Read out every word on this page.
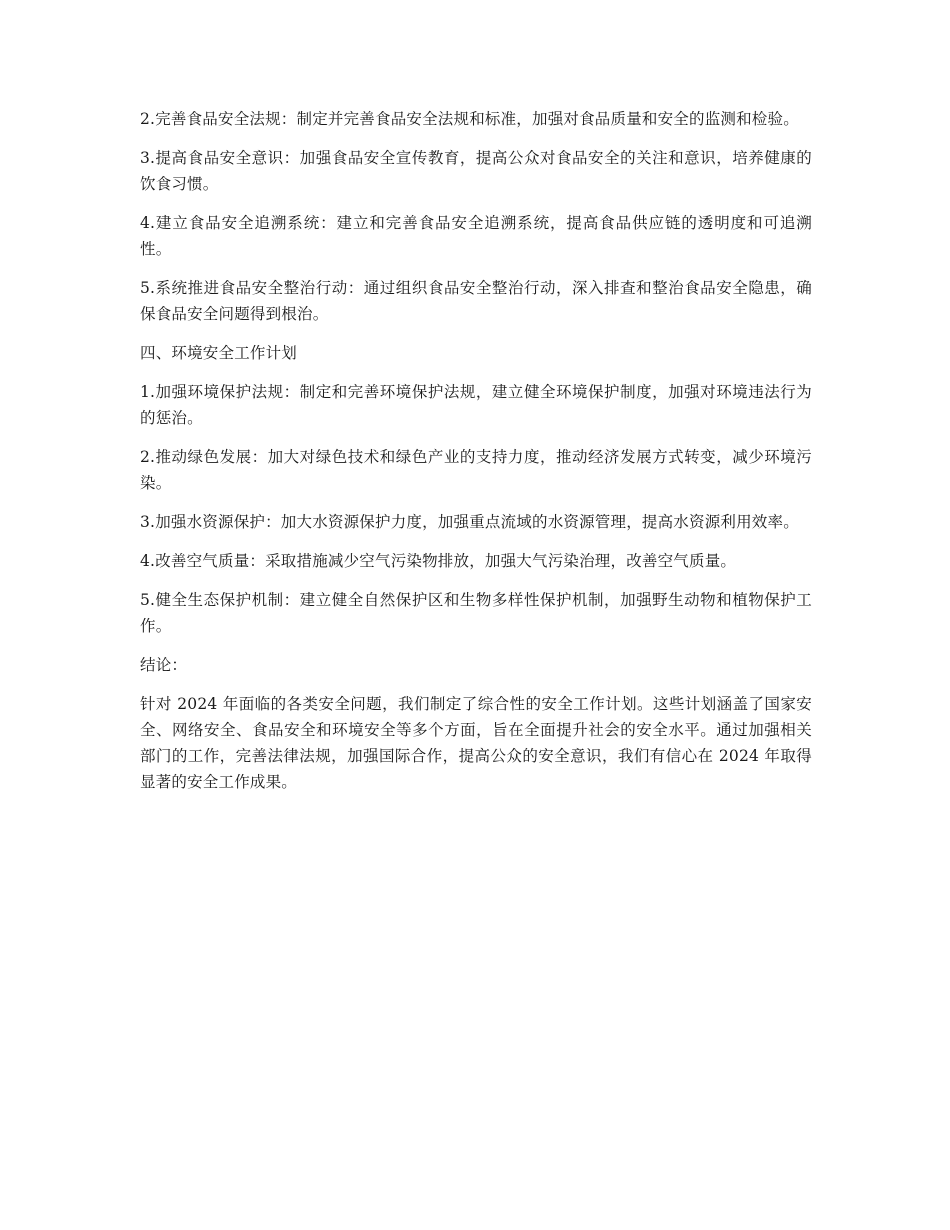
2.完善食品安全法规：制定并完善食品安全法规和标准，加强对食品质量和安全的监测和检验。

3.提高食品安全意识：加强食品安全宣传教育，提高公众对食品安全的关注和意识，培养健康的饮食习惯。

4.建立食品安全追溯系统：建立和完善食品安全追溯系统，提高食品供应链的透明度和可追溯性。

5.系统推进食品安全整治行动：通过组织食品安全整治行动，深入排查和整治食品安全隐患，确保食品安全问题得到根治。

四、环境安全工作计划

1.加强环境保护法规：制定和完善环境保护法规，建立健全环境保护制度，加强对环境违法行为的惩治。

2.推动绿色发展：加大对绿色技术和绿色产业的支持力度，推动经济发展方式转变，减少环境污染。

3.加强水资源保护：加大水资源保护力度，加强重点流域的水资源管理，提高水资源利用效率。

4.改善空气质量：采取措施减少空气污染物排放，加强大气污染治理，改善空气质量。

5.健全生态保护机制：建立健全自然保护区和生物多样性保护机制，加强野生动物和植物保护工作。

结论：

针对 2024 年面临的各类安全问题，我们制定了综合性的安全工作计划。这些计划涵盖了国家安全、网络安全、食品安全和环境安全等多个方面，旨在全面提升社会的安全水平。通过加强相关部门的工作，完善法律法规，加强国际合作，提高公众的安全意识，我们有信心在 2024 年取得显著的安全工作成果。
